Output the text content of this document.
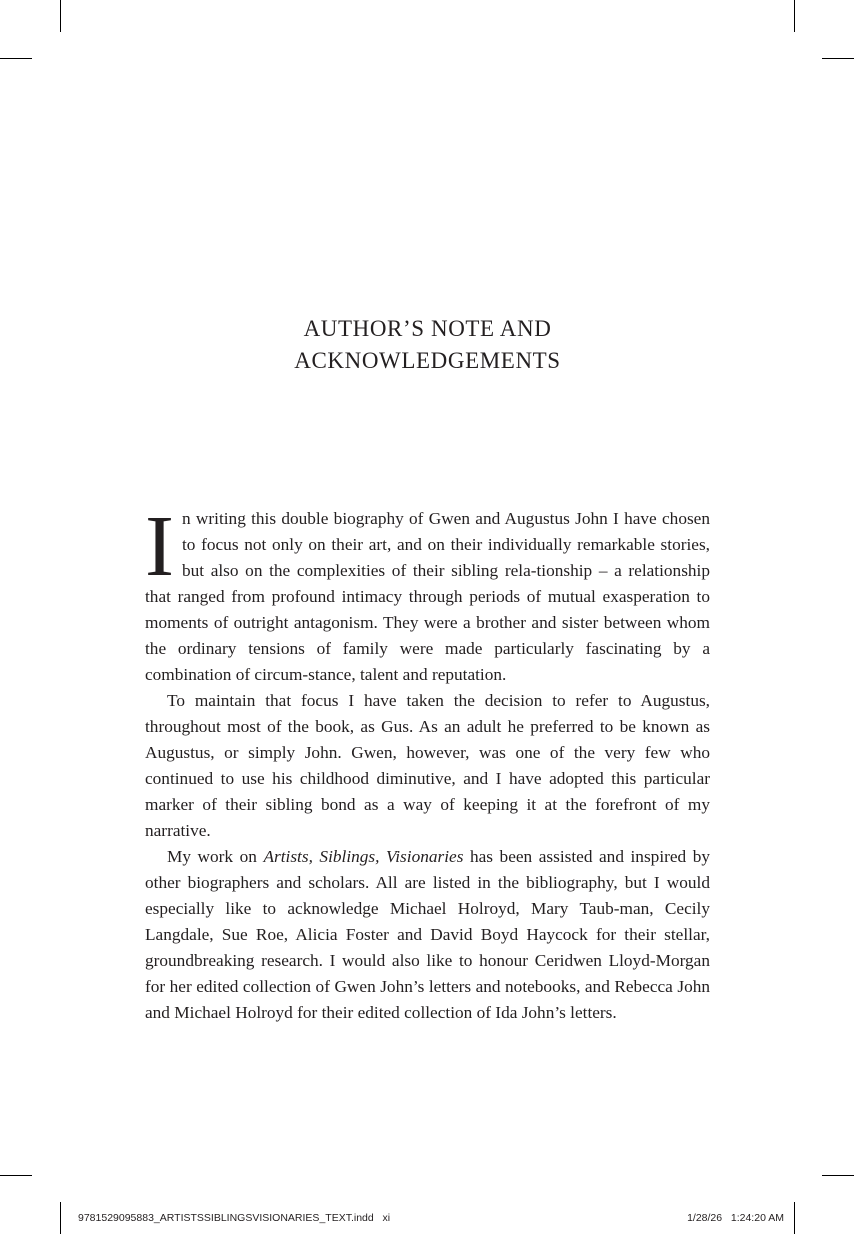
AUTHOR’S NOTE AND
ACKNOWLEDGEMENTS

In writing this double biography of Gwen and Augustus John I have chosen to focus not only on their art, and on their individually remarkable stories, but also on the complexities of their sibling rela-tionship – a relationship that ranged from profound intimacy through periods of mutual exasperation to moments of outright antagonism. They were a brother and sister between whom the ordinary tensions of family were made particularly fascinating by a combination of circum-stance, talent and reputation.

To maintain that focus I have taken the decision to refer to Augustus, throughout most of the book, as Gus. As an adult he preferred to be known as Augustus, or simply John. Gwen, however, was one of the very few who continued to use his childhood diminutive, and I have adopted this particular marker of their sibling bond as a way of keeping it at the forefront of my narrative.

My work on Artists, Siblings, Visionaries has been assisted and inspired by other biographers and scholars. All are listed in the bibliography, but I would especially like to acknowledge Michael Holroyd, Mary Taub-man, Cecily Langdale, Sue Roe, Alicia Foster and David Boyd Haycock for their stellar, groundbreaking research. I would also like to honour Ceridwen Lloyd-Morgan for her edited collection of Gwen John’s letters and notebooks, and Rebecca John and Michael Holroyd for their edited collection of Ida John’s letters.

9781529095883_ARTISTSSIBLINGSVISIONARIES_TEXT.indd   xi	1/28/26 1:24:20 AM
